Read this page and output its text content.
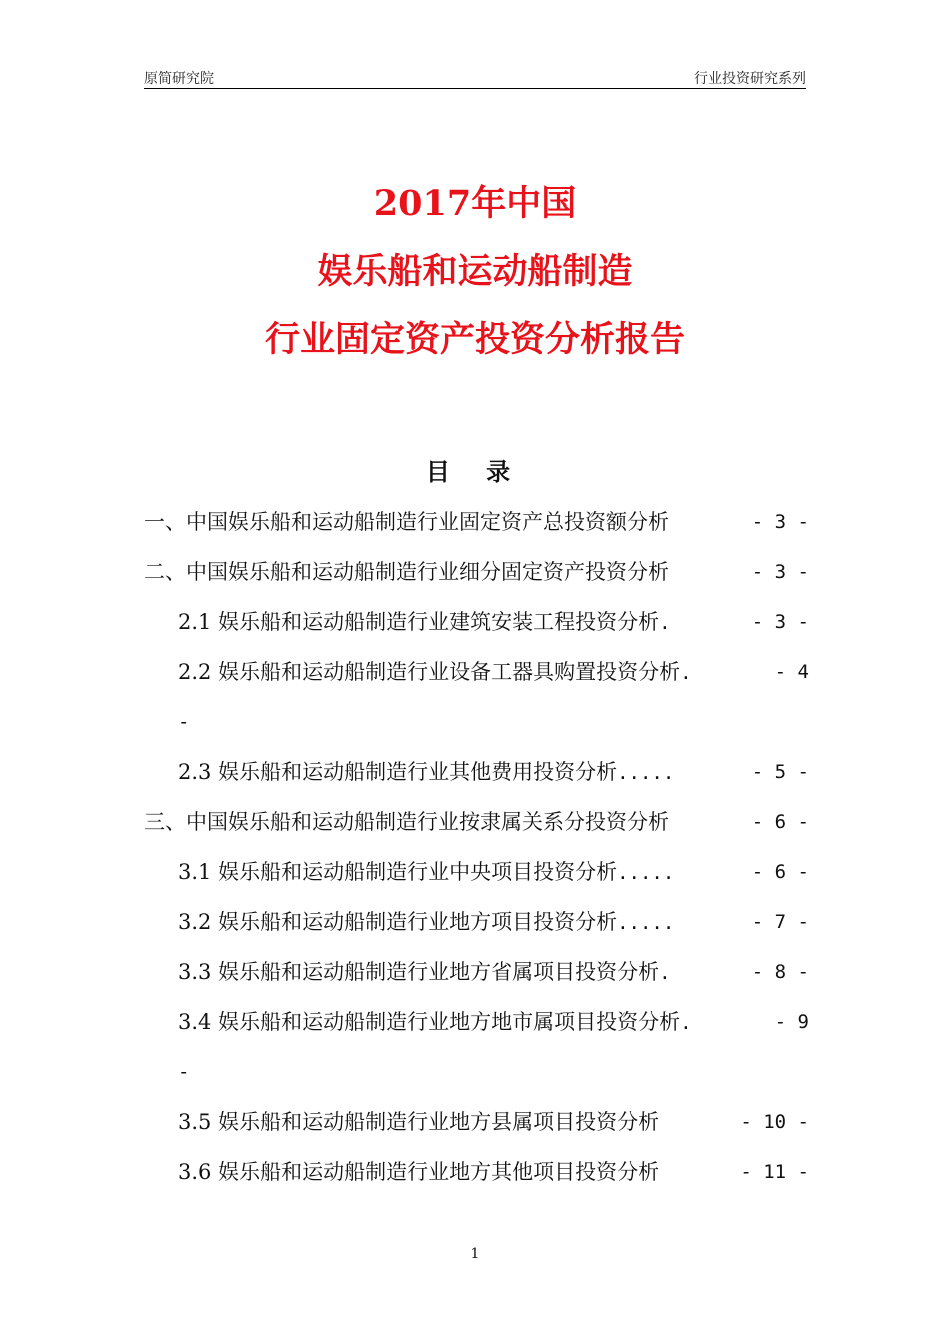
原简研究院	行业投资研究系列
2017年中国
娱乐船和运动船制造
行业固定资产投资分析报告
目 录
一、中国娱乐船和运动船制造行业固定资产总投资额分析	- 3 -
二、中国娱乐船和运动船制造行业细分固定资产投资分析	- 3 -
2.1 娱乐船和运动船制造行业建筑安装工程投资分析.	- 3 -
2.2 娱乐船和运动船制造行业设备工器具购置投资分析.	- 4
-
2.3 娱乐船和运动船制造行业其他费用投资分析.....	- 5 -
三、中国娱乐船和运动船制造行业按隶属关系分投资分析	- 6 -
3.1 娱乐船和运动船制造行业中央项目投资分析.....	- 6 -
3.2 娱乐船和运动船制造行业地方项目投资分析.....	- 7 -
3.3 娱乐船和运动船制造行业地方省属项目投资分析.	- 8 -
3.4 娱乐船和运动船制造行业地方地市属项目投资分析.	- 9
-
3.5 娱乐船和运动船制造行业地方县属项目投资分析	- 10 -
3.6 娱乐船和运动船制造行业地方其他项目投资分析	- 11 -
1
